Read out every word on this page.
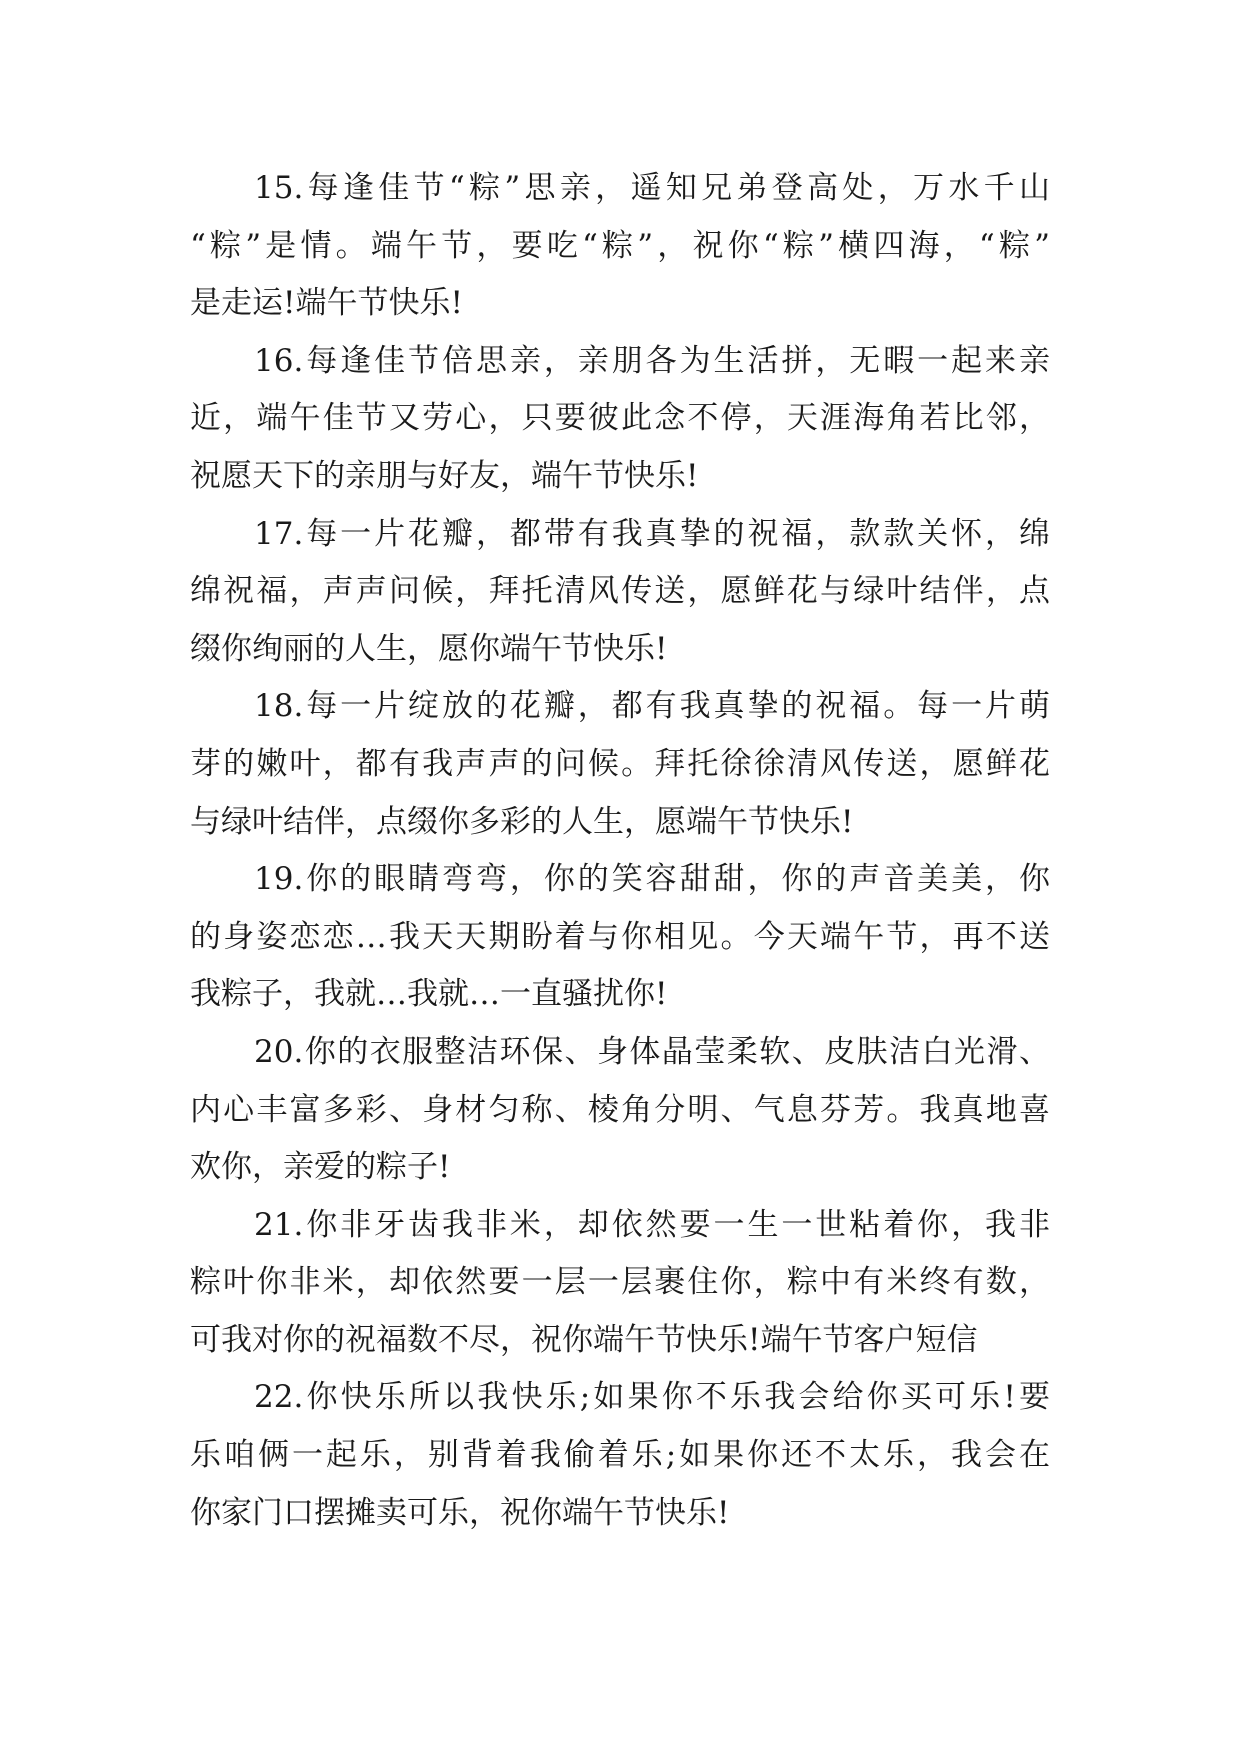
15.每逢佳节“粽”思亲，遥知兄弟登高处，万水千山
“粽”是情。端午节，要吃“粽”，祝你“粽”横四海，“粽”
是走运!端午节快乐!
16.每逢佳节倍思亲，亲朋各为生活拼，无暇一起来亲
近，端午佳节又劳心，只要彼此念不停，天涯海角若比邻，
祝愿天下的亲朋与好友，端午节快乐!
17.每一片花瓣，都带有我真挚的祝福，款款关怀，绵
绵祝福，声声问候，拜托清风传送，愿鲜花与绿叶结伴，点
缀你绚丽的人生，愿你端午节快乐!
18.每一片绽放的花瓣，都有我真挚的祝福。每一片萌
芽的嫩叶，都有我声声的问候。拜托徐徐清风传送，愿鲜花
与绿叶结伴，点缀你多彩的人生，愿端午节快乐!
19.你的眼睛弯弯，你的笑容甜甜，你的声音美美，你
的身姿恋恋…我天天期盼着与你相见。今天端午节，再不送
我粽子，我就…我就…一直骚扰你!
20.你的衣服整洁环保、身体晶莹柔软、皮肤洁白光滑、
内心丰富多彩、身材匀称、棱角分明、气息芬芳。我真地喜
欢你，亲爱的粽子!
21.你非牙齿我非米，却依然要一生一世粘着你，我非
粽叶你非米，却依然要一层一层裹住你，粽中有米终有数，
可我对你的祝福数不尽，祝你端午节快乐!端午节客户短信
22.你快乐所以我快乐;如果你不乐我会给你买可乐!要
乐咱俩一起乐，别背着我偷着乐;如果你还不太乐，我会在
你家门口摆摊卖可乐，祝你端午节快乐!
